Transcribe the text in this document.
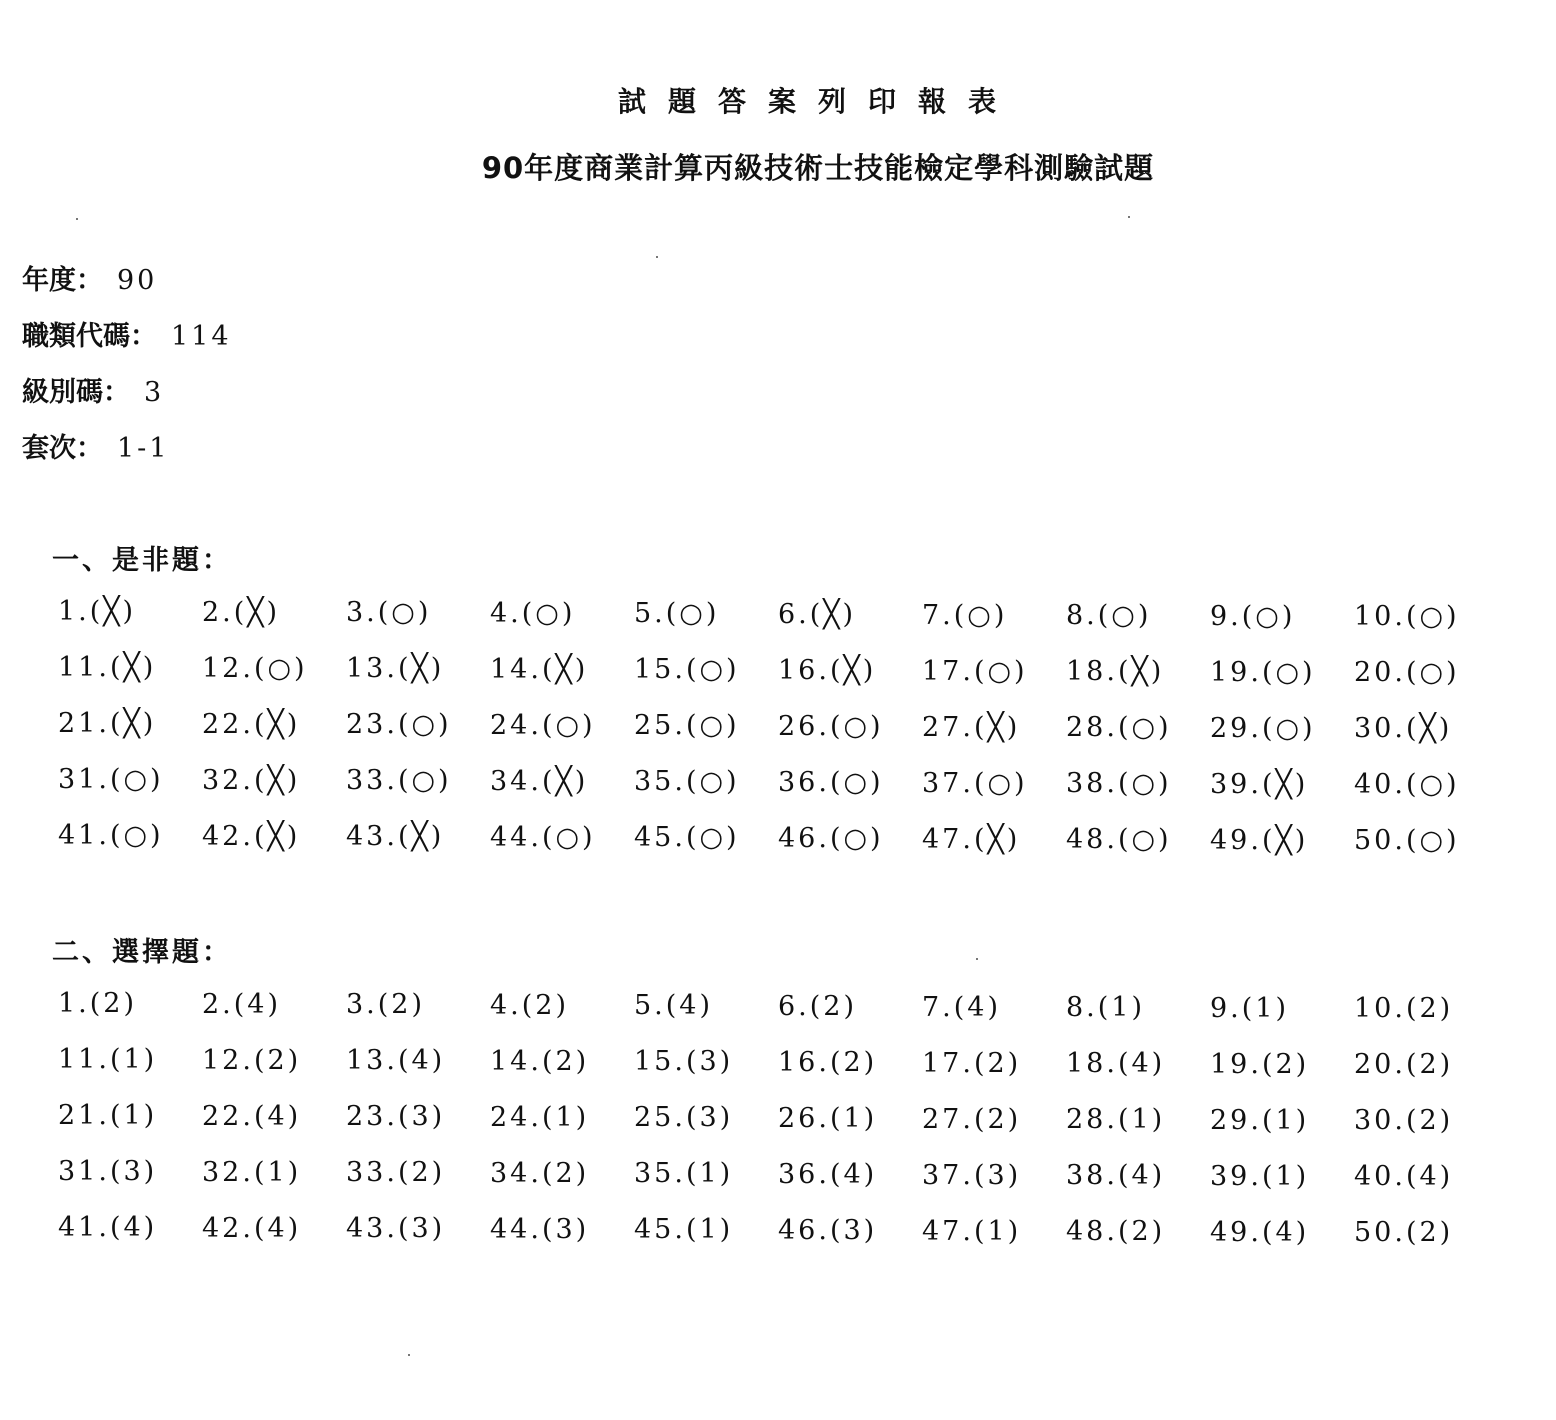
試題答案列印報表
90年度商業計算丙級技術士技能檢定學科測驗試題
年度： 90
職類代碼： 114
級別碼： 3
套次： 1-1
一、是非題：
1.(╳)	2.(╳)	3.(○)	4.(○)	5.(○)	6.(╳)	7.(○)	8.(○)	9.(○)	10.(○)
11.(╳)	12.(○)	13.(╳)	14.(╳)	15.(○)	16.(╳)	17.(○)	18.(╳)	19.(○)	20.(○)
21.(╳)	22.(╳)	23.(○)	24.(○)	25.(○)	26.(○)	27.(╳)	28.(○)	29.(○)	30.(╳)
31.(○)	32.(╳)	33.(○)	34.(╳)	35.(○)	36.(○)	37.(○)	38.(○)	39.(╳)	40.(○)
41.(○)	42.(╳)	43.(╳)	44.(○)	45.(○)	46.(○)	47.(╳)	48.(○)	49.(╳)	50.(○)
二、選擇題：
1.(2)	2.(4)	3.(2)	4.(2)	5.(4)	6.(2)	7.(4)	8.(1)	9.(1)	10.(2)
11.(1)	12.(2)	13.(4)	14.(2)	15.(3)	16.(2)	17.(2)	18.(4)	19.(2)	20.(2)
21.(1)	22.(4)	23.(3)	24.(1)	25.(3)	26.(1)	27.(2)	28.(1)	29.(1)	30.(2)
31.(3)	32.(1)	33.(2)	34.(2)	35.(1)	36.(4)	37.(3)	38.(4)	39.(1)	40.(4)
41.(4)	42.(4)	43.(3)	44.(3)	45.(1)	46.(3)	47.(1)	48.(2)	49.(4)	50.(2)
